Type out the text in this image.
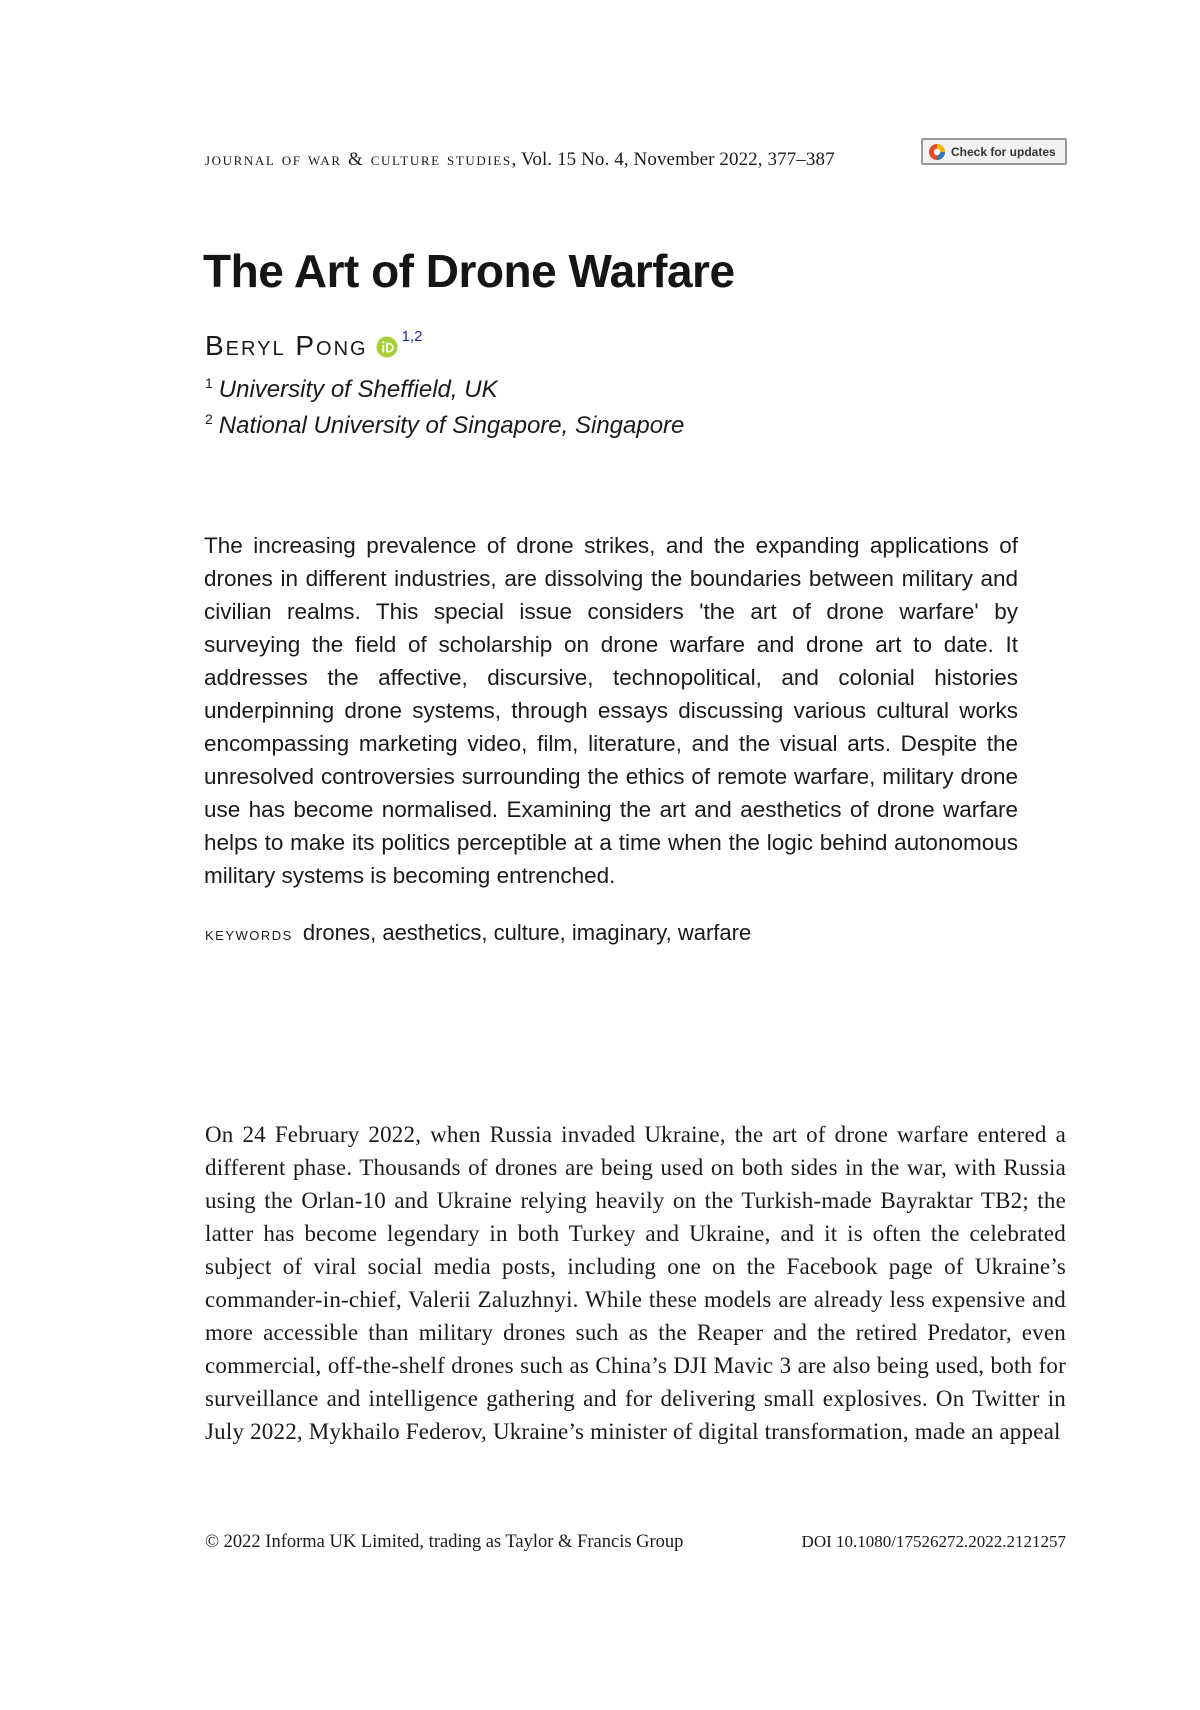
journal of war & culture studies, Vol. 15 No. 4, November 2022, 377–387	Check for updates
The Art of Drone Warfare
Beryl Pong 1,2
$^1$ University of Sheffield, UK
$^2$ National University of Singapore, Singapore

The increasing prevalence of drone strikes, and the expanding applications of drones in different industries, are dissolving the boundaries between military and civilian realms. This special issue considers 'the art of drone warfare' by surveying the field of scholarship on drone warfare and drone art to date. It addresses the affective, discursive, technopolitical, and colonial histories underpinning drone systems, through essays discussing various cultural works encompassing marketing video, film, literature, and the visual arts. Despite the unresolved controversies surrounding the ethics of remote warfare, military drone use has become normalised. Examining the art and aesthetics of drone warfare helps to make its politics perceptible at a time when the logic behind autonomous military systems is becoming entrenched.

keywords drones, aesthetics, culture, imaginary, warfare

On 24 February 2022, when Russia invaded Ukraine, the art of drone warfare entered a different phase. Thousands of drones are being used on both sides in the war, with Russia using the Orlan-10 and Ukraine relying heavily on the Turkish-made Bayraktar TB2; the latter has become legendary in both Turkey and Ukraine, and it is often the celebrated subject of viral social media posts, including one on the Facebook page of Ukraine’s commander-in-chief, Valerii Zaluzhnyi. While these models are already less expensive and more accessible than military drones such as the Reaper and the retired Predator, even commercial, off-the-shelf drones such as China’s DJI Mavic 3 are also being used, both for surveillance and intelligence gathering and for delivering small explosives. On Twitter in July 2022, Mykhailo Federov, Ukraine’s minister of digital transformation, made an appeal

© 2022 Informa UK Limited, trading as Taylor & Francis Group	DOI 10.1080/17526272.2022.2121257
